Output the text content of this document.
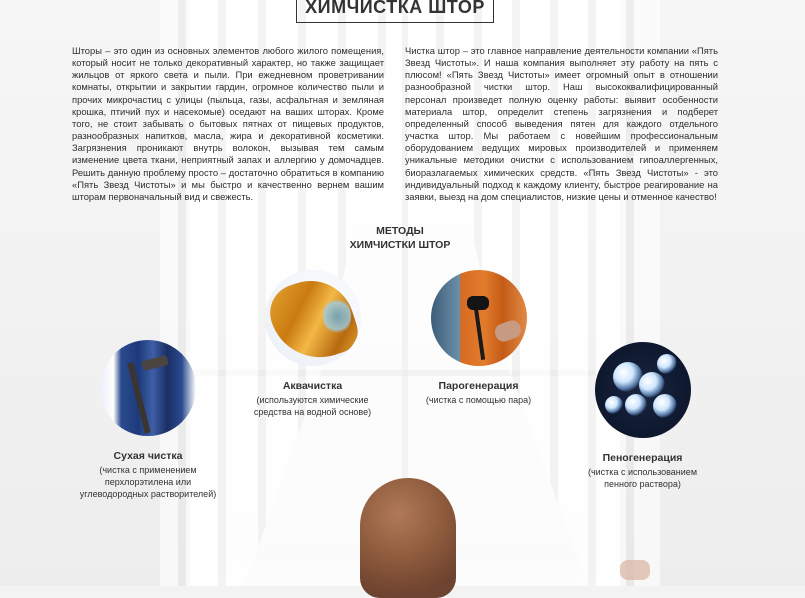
ХИМЧИСТКА ШТОР
Шторы – это один из основных элементов любого жилого помещения, который носит не только декоративный характер, но также защищает жильцов от яркого света и пыли. При ежедневном проветривании комнаты, открытии и закрытии гардин, огромное количество пыли и прочих микрочастиц с улицы (пыльца, газы, асфальтная и земляная крошка, птичий пух и насекомые) оседают на ваших шторах. Кроме того, не стоит забывать о бытовых пятнах от пищевых продуктов, разнообразных напитков, масла, жира и декоративной косметики. Загрязнения проникают внутрь волокон, вызывая тем самым изменение цвета ткани, неприятный запах и аллергию у домочадцев. Решить данную проблему просто – достаточно обратиться в компанию «Пять Звезд Чистоты» и мы быстро и качественно вернем вашим шторам первоначальный вид и свежесть.
Чистка штор – это главное направление деятельности компании «Пять Звезд Чистоты». И наша компания выполняет эту работу на пять с плюсом! «Пять Звезд Чистоты» имеет огромный опыт в отношении разнообразной чистки штор. Наш высококвалифицированный персонал произведет полную оценку работы: выявит особенности материала штор, определит степень загрязнения и подберет определенный способ выведения пятен для каждого отдельного участка штор. Мы работаем с новейшим профессиональным оборудованием ведущих мировых производителей и применяем уникальные методики очистки с использованием гипоаллергенных, биоразлагаемых химических средств. «Пять Звезд Чистоты» - это индивидуальный подход к каждому клиенту, быстрое реагирование на заявки, выезд на дом специалистов, низкие цены и отменное качество!
МЕТОДЫ
ХИМЧИСТКИ ШТОР
Сухая чистка
(чистка с применением
перхлорэтилена или
углеводородных растворителей)
Аквачистка
(используются химические
средства на водной основе)
Парогенерация
(чистка с помощью пара)
Пеногенерация
(чистка с использованием
пенного раствора)
